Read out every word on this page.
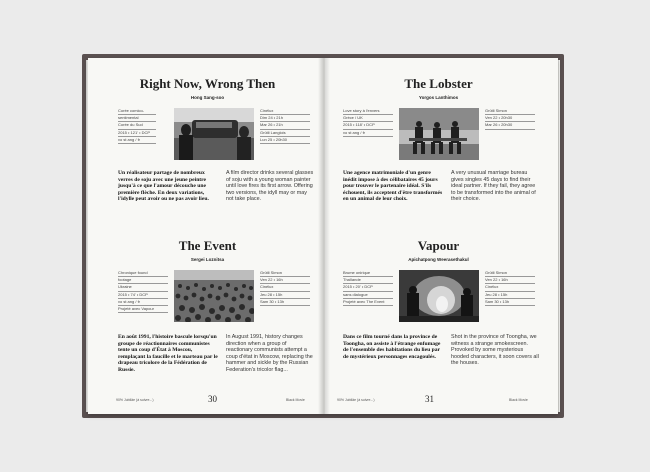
Right Now, Wrong Then
Hong Sang-soo
Corée comico-
sentimental
Corée du Sud
2015 • 121' • DCP
vo st ang / fr
Cinélux
Dim 24 • 21h
Mar 26 • 21h
Grütli Langlois
Lun 25 • 20h30
Un réalisateur partage de nombreux verres de soju avec une jeune peintre jusqu'à ce que l'amour découche une première flèche. En deux variations, l'idylle peut avoir ou ne pas avoir lieu.
A film director drinks several glasses of soju with a young woman painter until love fires its first arrow. Offering two versions, the idyll may or may not take place.
The Event
Sergei Loznitsa
Chronique found
footage
Ukraine
2015 • 74' • DCP
vo st ang / fr
Projeté avec Vapour
Grütli Simon
Ven 22 • 16h
Cinélux
Jeu 28 • 15h
Sam 30 • 13h
En août 1991, l'histoire bascule lorsqu'un groupe de réactionnaires communistes tente un coup d'État à Moscou, remplaçant la faucille et le marteau par le drapeau tricolore de la Fédération de Russie.
In August 1991, history changes direction when a group of reactionary communists attempt a coup d'état in Moscow, replacing the hammer and sickle by the Russian Federation's tricolor flag...
90% Jubiläe (à suivre...)	30	Black Movie
The Lobster
Yorgos Lanthimos
Love story à l'envers
Grèce / UK
2015 • 118' • DCP
vo st ang / fr
Grütli Simon
Ven 22 • 20h30
Mar 26 • 20h30
Une agence matrimoniale d'un genre inédit impose à des célibataires 45 jours pour trouver le partenaire idéal. S'ils échouent, ils acceptent d'être transformés en un animal de leur choix.
A very unusual marriage bureau gives singles 45 days to find their ideal partner. If they fail, they agree to be transformed into the animal of their choice.
Vapour
Apichatpong Weerasethakul
Brume onirique
Thaïlande
2015 • 20' • DCP
sans dialogue
Projeté avec The Event
Grütli Simon
Ven 22 • 16h
Cinélux
Jeu 28 • 15h
Sam 30 • 13h
Dans ce film tourné dans la province de Toongha, on assiste à l'étrange enfumage de l'ensemble des habitations du lieu par de mystérieux personnages encagoulés.
Shot in the province of Toongha, we witness a strange smokescreen. Provoked by some mysterious hooded characters, it soon covers all the houses.
90% Jubiläe (à suivre...)	31	Black Movie
